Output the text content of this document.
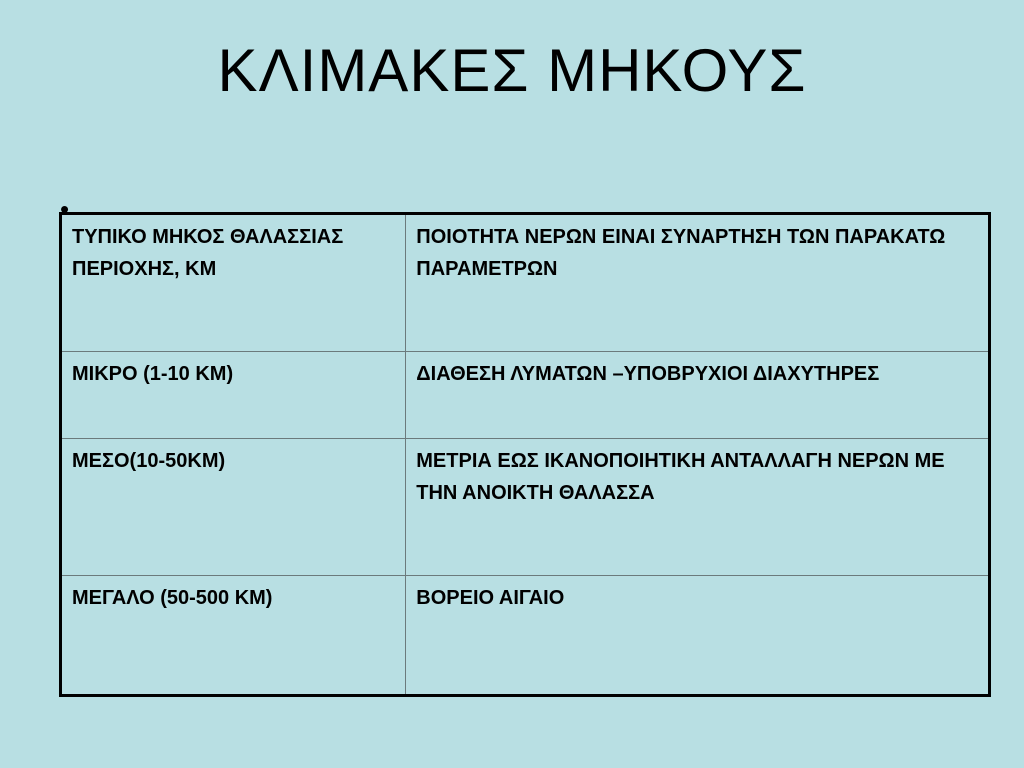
ΚΛΙΜΑΚΕΣ ΜΗΚΟΥΣ
•
ΤΥΠΙΚΟ ΜΗΚΟΣ ΘΑΛΑΣΣΙΑΣ ΠΕΡΙΟΧΗΣ, ΚΜ	ΠΟΙΟΤΗΤΑ ΝΕΡΩΝ ΕΙΝΑΙ ΣΥΝΑΡΤΗΣΗ ΤΩΝ ΠΑΡΑΚΑΤΩ ΠΑΡΑΜΕΤΡΩΝ
ΜΙΚΡΟ (1-10 ΚΜ)	ΔΙΑΘΕΣΗ ΛΥΜΑΤΩΝ –ΥΠΟΒΡΥΧΙΟΙ ΔΙΑΧΥΤΗΡΕΣ
ΜΕΣΟ(10-50ΚΜ)	ΜΕΤΡΙΑ ΕΩΣ ΙΚΑΝΟΠΟΙΗΤΙΚΗ ΑΝΤΑΛΛΑΓΗ ΝΕΡΩΝ ΜΕ ΤΗΝ ΑΝΟΙΚΤΗ ΘΑΛΑΣΣΑ
ΜΕΓΑΛΟ (50-500 ΚΜ)	ΒΟΡΕΙΟ ΑΙΓΑΙΟ
